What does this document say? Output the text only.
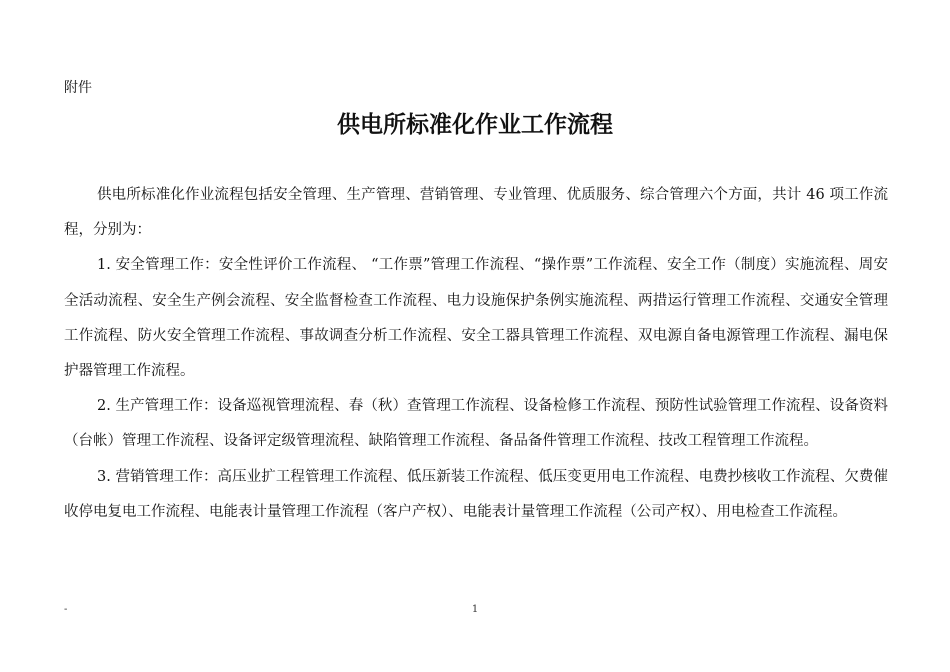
附件
供电所标准化作业工作流程

供电所标准化作业流程包括安全管理、生产管理、营销管理、专业管理、优质服务、综合管理六个方面，共计 46 项工作流程，分别为：

1. 安全管理工作：安全性评价工作流程、 “工作票”管理工作流程、“操作票”工作流程、安全工作（制度）实施流程、周安全活动流程、安全生产例会流程、安全监督检查工作流程、电力设施保护条例实施流程、两措运行管理工作流程、交通安全管理工作流程、防火安全管理工作流程、事故调查分析工作流程、安全工器具管理工作流程、双电源自备电源管理工作流程、漏电保护器管理工作流程。

2. 生产管理工作：设备巡视管理流程、春（秋）查管理工作流程、设备检修工作流程、预防性试验管理工作流程、设备资料（台帐）管理工作流程、设备评定级管理流程、缺陷管理工作流程、备品备件管理工作流程、技改工程管理工作流程。

3. 营销管理工作：高压业扩工程管理工作流程、低压新装工作流程、低压变更用电工作流程、电费抄核收工作流程、欠费催收停电复电工作流程、电能表计量管理工作流程（客户产权）、电能表计量管理工作流程（公司产权）、用电检查工作流程。

-	1
